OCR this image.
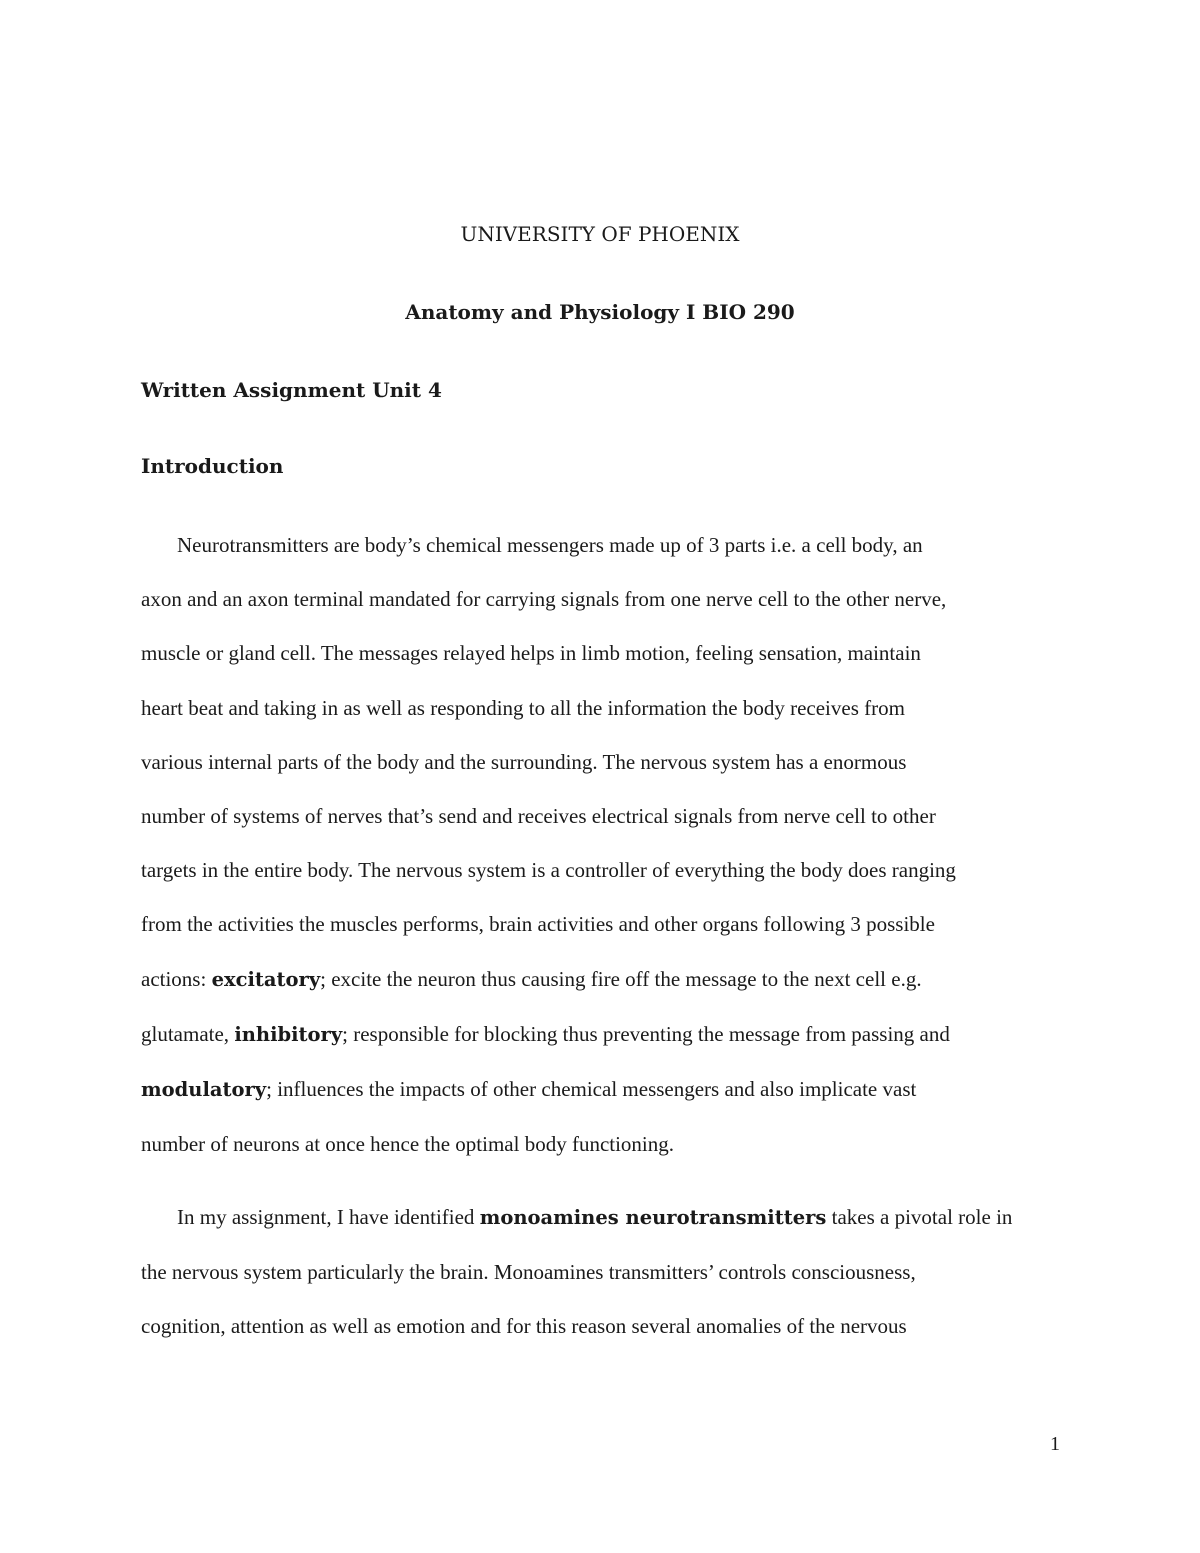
UNIVERSITY OF PHOENIX
Anatomy and Physiology I BIO 290
Written Assignment Unit 4
Introduction

Neurotransmitters are body’s chemical messengers made up of 3 parts i.e. a cell body, an
axon and an axon terminal mandated for carrying signals from one nerve cell to the other nerve,
muscle or gland cell. The messages relayed helps in limb motion, feeling sensation, maintain
heart beat and taking in as well as responding to all the information the body receives from
various internal parts of the body and the surrounding. The nervous system has a enormous
number of systems of nerves that’s send and receives electrical signals from nerve cell to other
targets in the entire body. The nervous system is a controller of everything the body does ranging
from the activities the muscles performs, brain activities and other organs following 3 possible
actions: excitatory; excite the neuron thus causing fire off the message to the next cell e.g.
glutamate, inhibitory; responsible for blocking thus preventing the message from passing and
modulatory; influences the impacts of other chemical messengers and also implicate vast
number of neurons at once hence the optimal body functioning.

In my assignment, I have identified monoamines neurotransmitters takes a pivotal role in
the nervous system particularly the brain. Monoamines transmitters’ controls consciousness,
cognition, attention as well as emotion and for this reason several anomalies of the nervous

1
